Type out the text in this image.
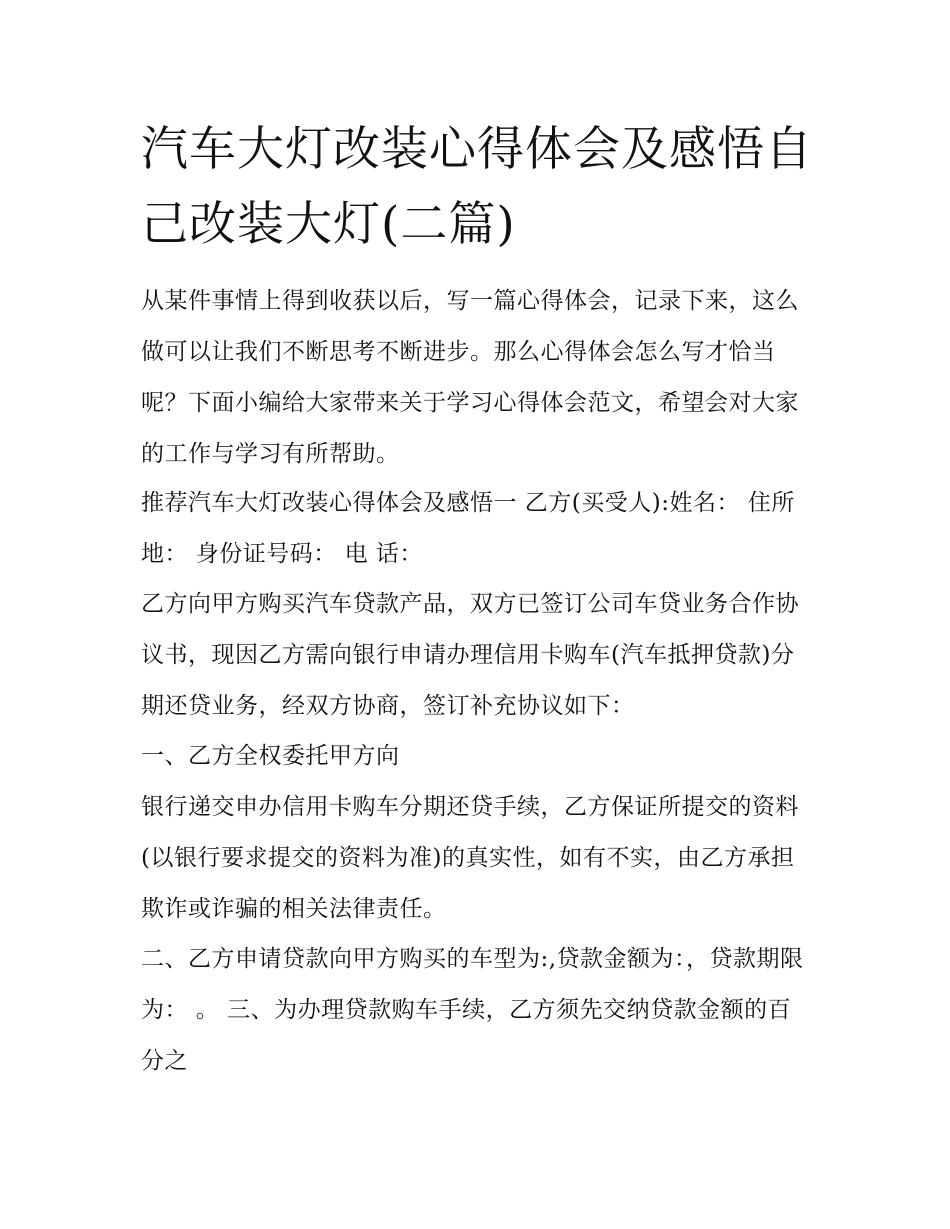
汽车大灯改装心得体会及感悟自己改装大灯(二篇)

从某件事情上得到收获以后，写一篇心得体会，记录下来，这么做可以让我们不断思考不断进步。那么心得体会怎么写才恰当呢？下面小编给大家带来关于学习心得体会范文，希望会对大家的工作与学习有所帮助。

推荐汽车大灯改装心得体会及感悟一 乙方(买受人):姓名： 住所地： 身份证号码： 电 话：

乙方向甲方购买汽车贷款产品，双方已签订公司车贷业务合作协议书，现因乙方需向银行申请办理信用卡购车(汽车抵押贷款)分期还贷业务，经双方协商，签订补充协议如下：

一、乙方全权委托甲方向

银行递交申办信用卡购车分期还贷手续，乙方保证所提交的资料(以银行要求提交的资料为准)的真实性，如有不实，由乙方承担欺诈或诈骗的相关法律责任。

二、乙方申请贷款向甲方购买的车型为:,贷款金额为：，贷款期限为： 。 三、为办理贷款购车手续，乙方须先交纳贷款金额的百分之
